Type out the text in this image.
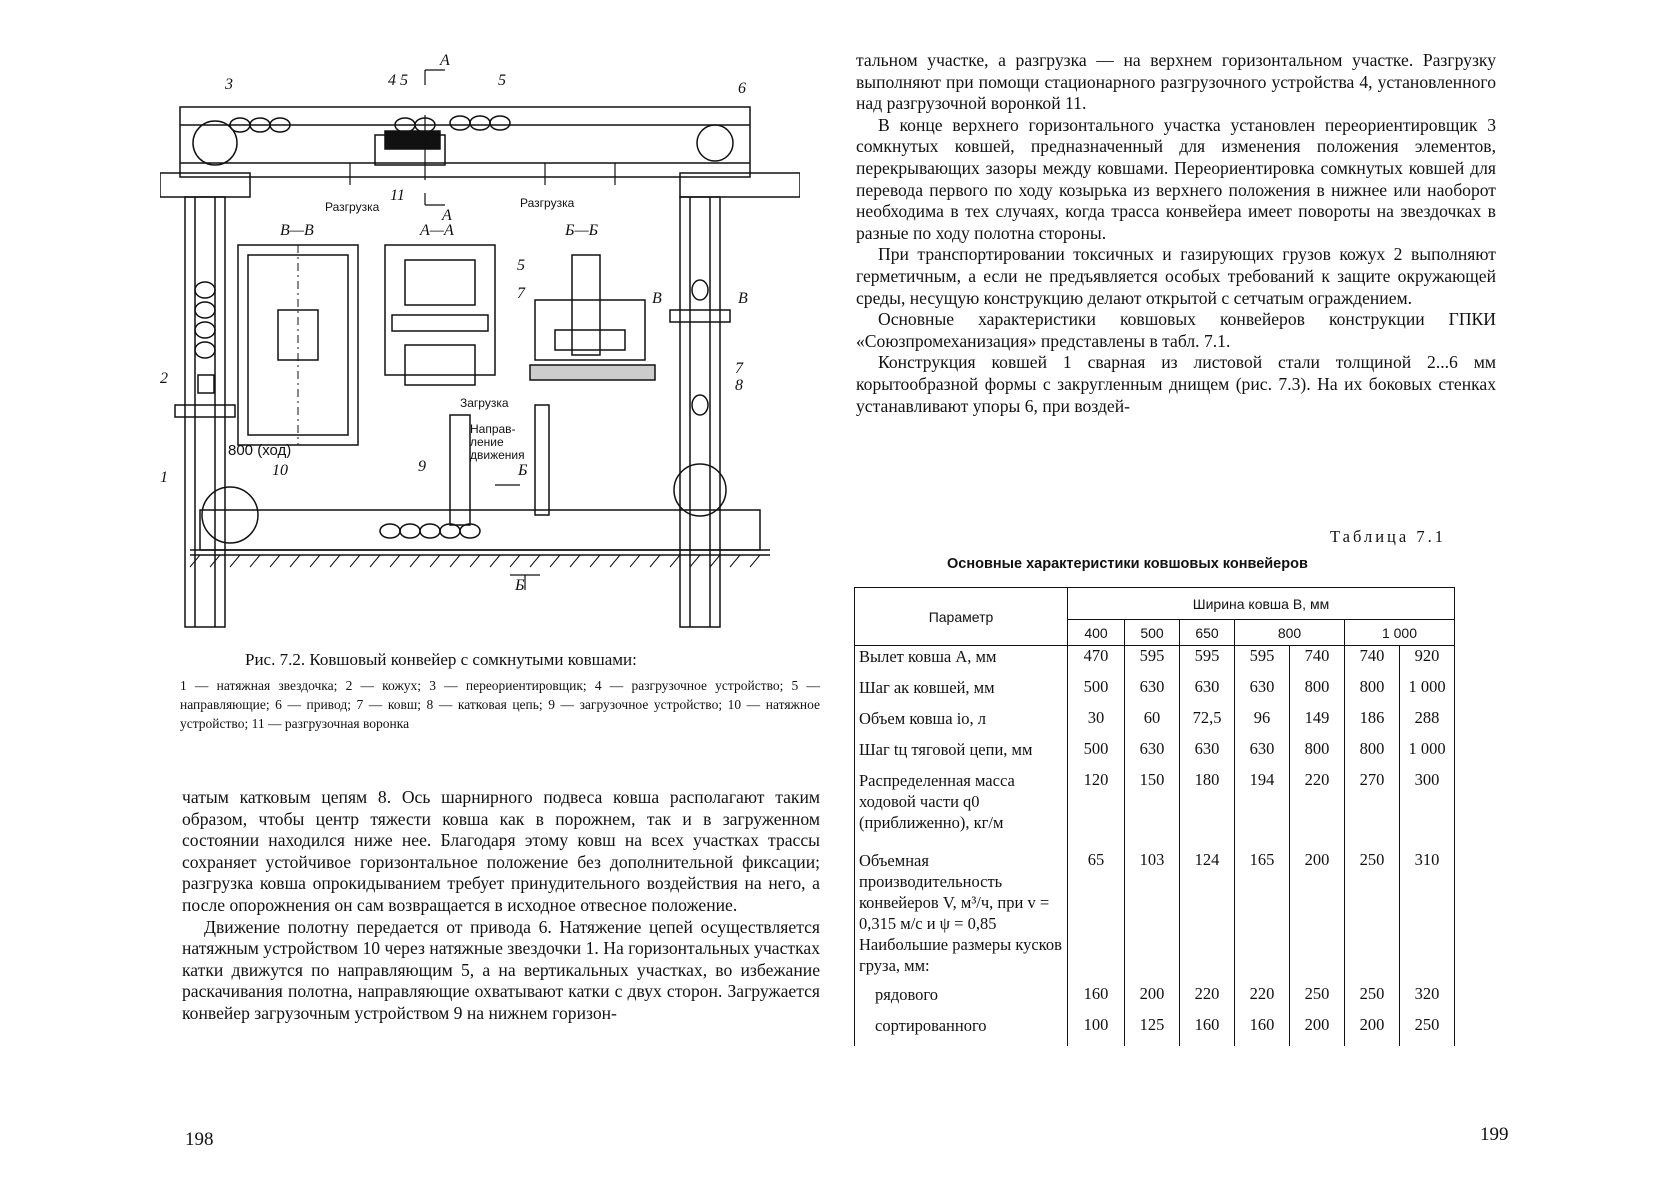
3	4 5	5	6
A
A
11
Разгрузка	Разгрузка
В—В	А—А	Б—Б
5
7	В	В
7
8
2
Загрузка
Направ-ление движения
800 (ход)
10
1
9	Б
Б
Рис. 7.2. Ковшовый конвейер с сомкнутыми ковшами:
1 — натяжная звездочка; 2 — кожух; 3 — переориентировщик; 4 — разгрузочное устройство; 5 — направляющие; 6 — привод; 7 — ковш; 8 — катковая цепь; 9 — загрузочное устройство; 10 — натяжное устройство; 11 — разгрузочная воронка

чатым катковым цепям 8. Ось шарнирного подвеса ковша располагают таким образом, чтобы центр тяжести ковша как в порожнем, так и в загруженном состоянии находился ниже нее. Благодаря этому ковш на всех участках трассы сохраняет устойчивое горизонтальное положение без дополнительной фиксации; разгрузка ковша опрокидыванием требует принудительного воздействия на него, а после опорожнения он сам возвращается в исходное отвесное положение.

Движение полотну передается от привода 6. Натяжение цепей осуществляется натяжным устройством 10 через натяжные звездочки 1. На горизонтальных участках катки движутся по направляющим 5, а на вертикальных участках, во избежание раскачивания полотна, направляющие охватывают катки с двух сторон. Загружается конвейер загрузочным устройством 9 на нижнем горизон-

198

тальном участке, а разгрузка — на верхнем горизонтальном участке. Разгрузку выполняют при помощи стационарного разгрузочного устройства 4, установленного над разгрузочной воронкой 11.

В конце верхнего горизонтального участка установлен переориентировщик 3 сомкнутых ковшей, предназначенный для изменения положения элементов, перекрывающих зазоры между ковшами. Переориентировка сомкнутых ковшей для перевода первого по ходу козырька из верхнего положения в нижнее или наоборот необходима в тех случаях, когда трасса конвейера имеет повороты на звездочках в разные по ходу полотна стороны.

При транспортировании токсичных и газирующих грузов кожух 2 выполняют герметичным, а если не предъявляется особых требований к защите окружающей среды, несущую конструкцию делают открытой с сетчатым ограждением.

Основные характеристики ковшовых конвейеров конструкции ГПКИ «Союзпромеханизация» представлены в табл. 7.1.

Конструкция ковшей 1 сварная из листовой стали толщиной 2...6 мм корытообразной формы с закругленным днищем (рис. 7.3). На их боковых стенках устанавливают упоры 6, при воздей-

Таблица 7.1
Основные характеристики ковшовых конвейеров
Параметр	Ширина ковша B, мм						
	400	500	650	800		1 000	
Вылет ковша A, мм	470	595	595	595	740	740	920
Шаг aк ковшей, мм	500	630	630	630	800	800	1 000
Объем ковша iо, л	30	60	72,5	96	149	186	288
Шаг tц тяговой цепи, мм	500	630	630	630	800	800	1 000
Распределенная масса ходовой части q0 (приближенно), кг/м	120	150	180	194	220	270	300
Объемная производительность конвейеров V, м³/ч, при v = 0,315 м/с и ψ = 0,85	65	103	124	165	200	250	310
Наибольшие размеры кусков груза, мм:							
рядового	160	200	220	220	250	250	320
сортированного	100	125	160	160	200	200	250
199
